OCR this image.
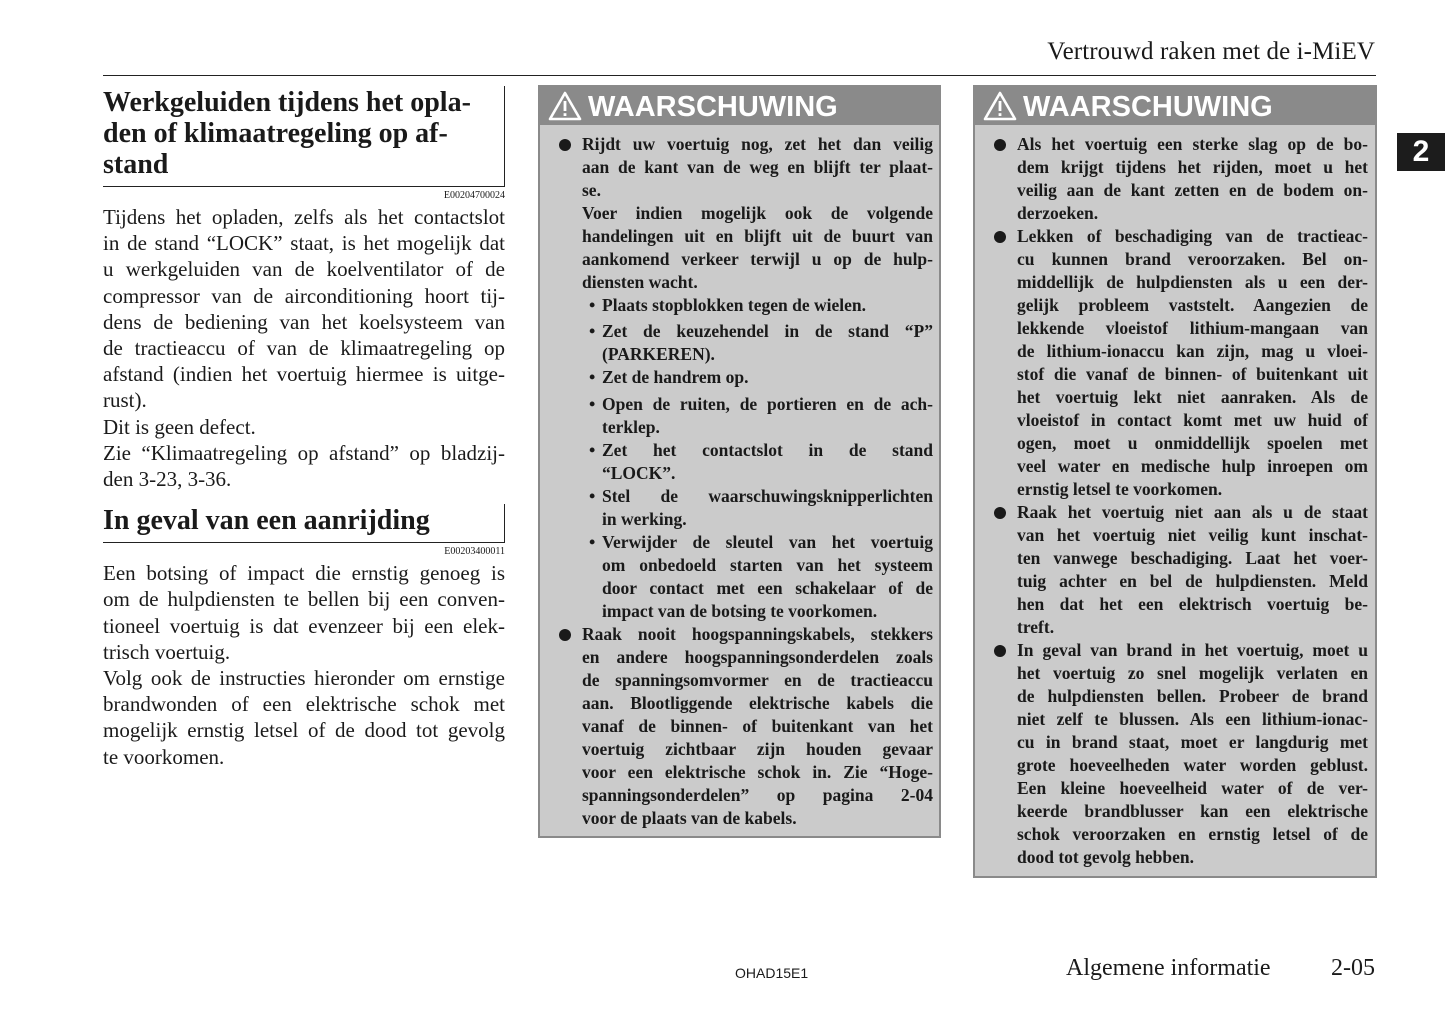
Vertrouwd raken met de i-MiEV
2
Werkgeluiden tijdens het opla-
den of klimaatregeling op af-
stand
E00204700024
Tijdens het opladen, zelfs als het contactslot
in de stand “LOCK” staat, is het mogelijk dat
u werkgeluiden van de koelventilator of de
compressor van de airconditioning hoort tij-
dens de bediening van het koelsysteem van
de tractieaccu of van de klimaatregeling op
afstand (indien het voertuig hiermee is uitge-
rust).
Dit is geen defect.
Zie “Klimaatregeling op afstand” op bladzij-
den 3-23, 3-36.
In geval van een aanrijding
E00203400011
Een botsing of impact die ernstig genoeg is
om de hulpdiensten te bellen bij een conven-
tioneel voertuig is dat evenzeer bij een elek-
trisch voertuig.
Volg ook de instructies hieronder om ernstige
brandwonden of een elektrische schok met
mogelijk ernstig letsel of de dood tot gevolg
te voorkomen.
WAARSCHUWING
Rijdt uw voertuig nog, zet het dan veilig
aan de kant van de weg en blijft ter plaat-
se.
Voer indien mogelijk ook de volgende
handelingen uit en blijft uit de buurt van
aankomend verkeer terwijl u op de hulp-
diensten wacht.
• Plaats stopblokken tegen de wielen.
• Zet de keuzehendel in de stand “P”
(PARKEREN).
• Zet de handrem op.
• Open de ruiten, de portieren en de ach-
terklep.
• Zet het contactslot in de stand
“LOCK”.
• Stel de waarschuwingsknipperlichten
in werking.
• Verwijder de sleutel van het voertuig
om onbedoeld starten van het systeem
door contact met een schakelaar of de
impact van de botsing te voorkomen.
Raak nooit hoogspanningskabels, stekkers
en andere hoogspanningsonderdelen zoals
de spanningsomvormer en de tractieaccu
aan. Blootliggende elektrische kabels die
vanaf de binnen- of buitenkant van het
voertuig zichtbaar zijn houden gevaar
voor een elektrische schok in. Zie “Hoge-
spanningsonderdelen” op pagina 2-04
voor de plaats van de kabels.
WAARSCHUWING
Als het voertuig een sterke slag op de bo-
dem krijgt tijdens het rijden, moet u het
veilig aan de kant zetten en de bodem on-
derzoeken.
Lekken of beschadiging van de tractieac-
cu kunnen brand veroorzaken. Bel on-
middellijk de hulpdiensten als u een der-
gelijk probleem vaststelt. Aangezien de
lekkende vloeistof lithium-mangaan van
de lithium-ionaccu kan zijn, mag u vloei-
stof die vanaf de binnen- of buitenkant uit
het voertuig lekt niet aanraken. Als de
vloeistof in contact komt met uw huid of
ogen, moet u onmiddellijk spoelen met
veel water en medische hulp inroepen om
ernstig letsel te voorkomen.
Raak het voertuig niet aan als u de staat
van het voertuig niet veilig kunt inschat-
ten vanwege beschadiging. Laat het voer-
tuig achter en bel de hulpdiensten. Meld
hen dat het een elektrisch voertuig be-
treft.
In geval van brand in het voertuig, moet u
het voertuig zo snel mogelijk verlaten en
de hulpdiensten bellen. Probeer de brand
niet zelf te blussen. Als een lithium-ionac-
cu in brand staat, moet er langdurig met
grote hoeveelheden water worden geblust.
Een kleine hoeveelheid water of de ver-
keerde brandblusser kan een elektrische
schok veroorzaken en ernstig letsel of de
dood tot gevolg hebben.
OHAD15E1	Algemene informatie	2-05
